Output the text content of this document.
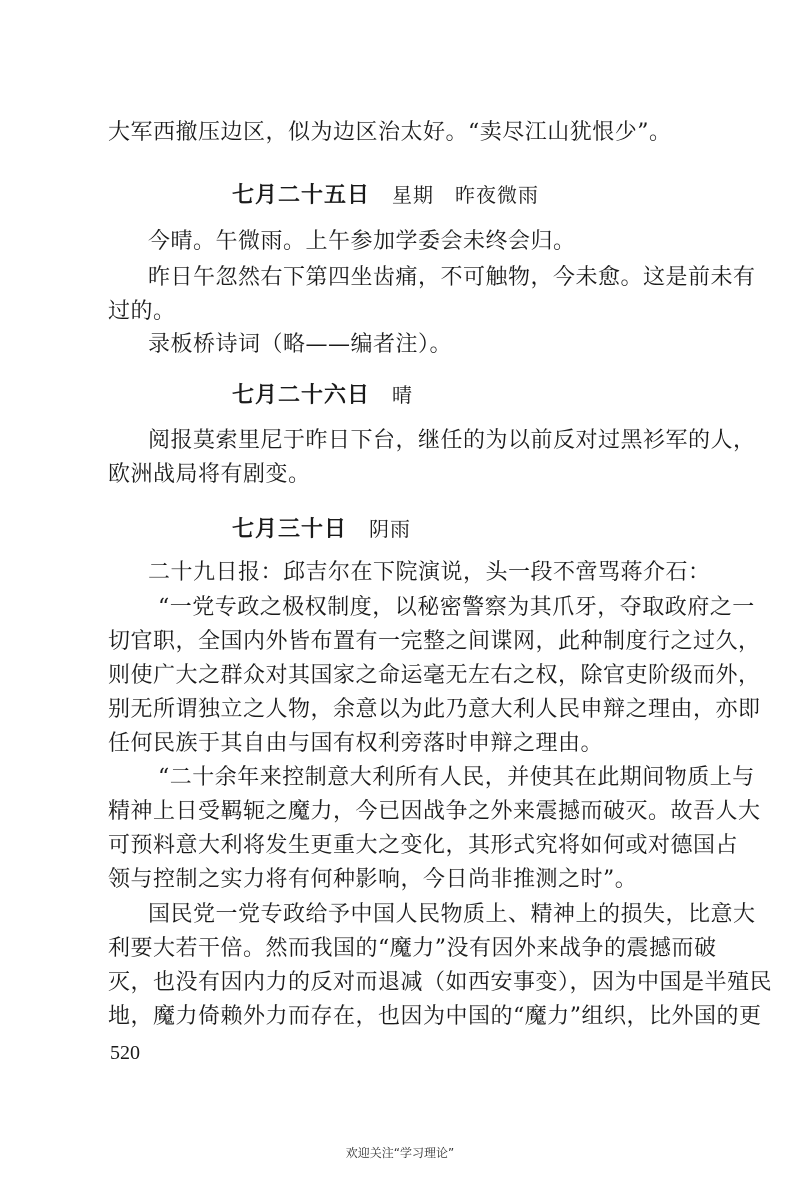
大军西撤压边区，似为边区治太好。“卖尽江山犹恨少”。
七月二十五日 星期　昨夜微雨
今晴。午微雨。上午参加学委会未终会归。
昨日午忽然右下第四坐齿痛，不可触物，今未愈。这是前未有
过的。
录板桥诗词（略——编者注）。
七月二十六日 晴
阅报莫索里尼于昨日下台，继任的为以前反对过黑衫军的人，
欧洲战局将有剧变。
七月三十日 阴雨
二十九日报：邱吉尔在下院演说，头一段不啻骂蒋介石：
“一党专政之极权制度，以秘密警察为其爪牙，夺取政府之一
切官职，全国内外皆布置有一完整之间谍网，此种制度行之过久，
则使广大之群众对其国家之命运毫无左右之权，除官吏阶级而外，
别无所谓独立之人物，余意以为此乃意大利人民申辩之理由，亦即
任何民族于其自由与国有权利旁落时申辩之理由。
“二十余年来控制意大利所有人民，并使其在此期间物质上与
精神上日受羁轭之魔力，今已因战争之外来震撼而破灭。故吾人大
可预料意大利将发生更重大之变化，其形式究将如何或对德国占
领与控制之实力将有何种影响，今日尚非推测之时”。
国民党一党专政给予中国人民物质上、精神上的损失，比意大
利要大若干倍。然而我国的“魔力”没有因外来战争的震撼而破
灭，也没有因内力的反对而退减（如西安事变），因为中国是半殖民
地，魔力倚赖外力而存在，也因为中国的“魔力”组织，比外国的更
520
欢迎关注“学习理论”
